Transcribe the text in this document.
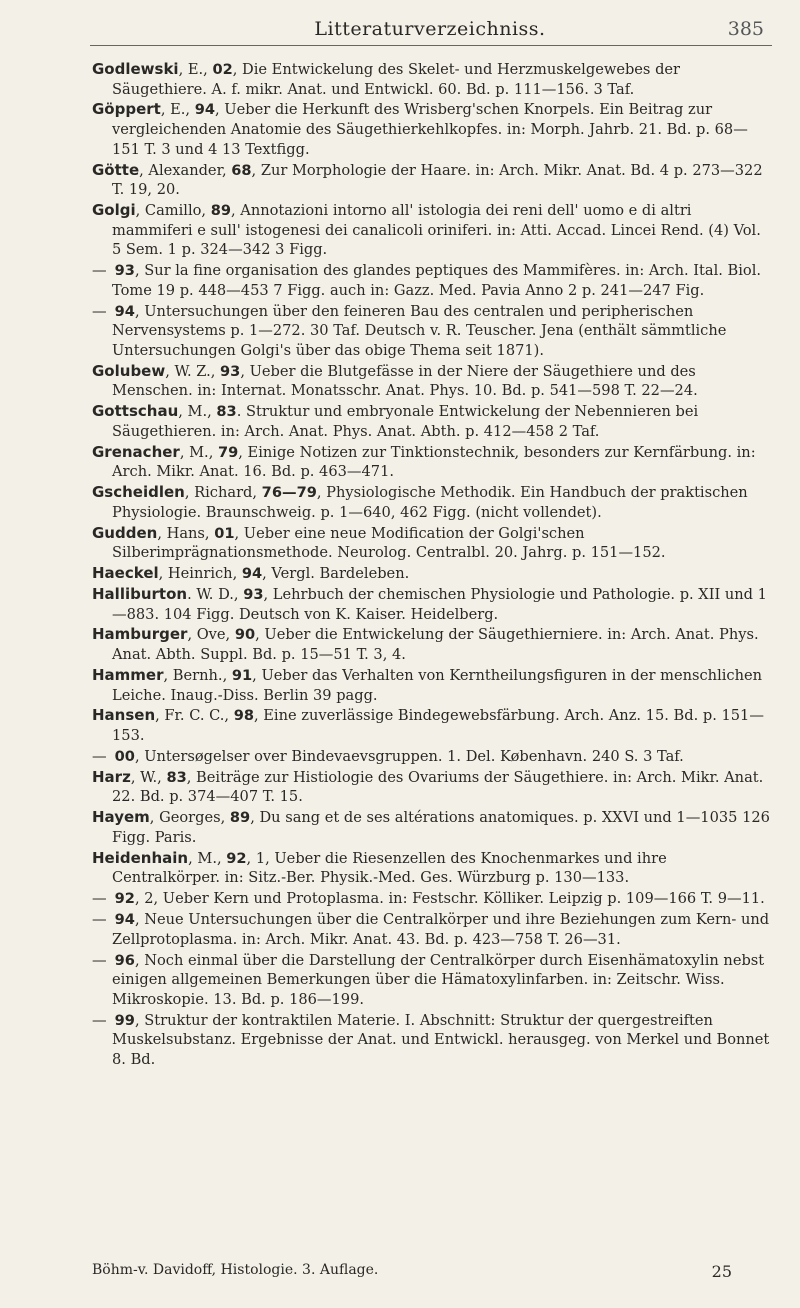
Litteraturverzeichniss.	385
Godlewski, E., 02, Die Entwickelung des Skelet- und Herzmuskelgewebes der Säugethiere. A. f. mikr. Anat. und Entwickl. 60. Bd. p. 111—156. 3 Taf.
Göppert, E., 94, Ueber die Herkunft des Wrisberg'schen Knorpels. Ein Beitrag zur vergleichenden Anatomie des Säugethierkehlkopfes. in: Morph. Jahrb. 21. Bd. p. 68—151 T. 3 und 4 13 Textfigg.
Götte, Alexander, 68, Zur Morphologie der Haare. in: Arch. Mikr. Anat. Bd. 4 p. 273—322 T. 19, 20.
Golgi, Camillo, 89, Annotazioni intorno all' istologia dei reni dell' uomo e di altri mammiferi e sull' istogenesi dei canalicoli oriniferi. in: Atti. Accad. Lincei Rend. (4) Vol. 5 Sem. 1 p. 324—342 3 Figg.
— 93, Sur la fine organisation des glandes peptiques des Mammifères. in: Arch. Ital. Biol. Tome 19 p. 448—453 7 Figg. auch in: Gazz. Med. Pavia Anno 2 p. 241—247 Fig.
— 94, Untersuchungen über den feineren Bau des centralen und peripherischen Nervensystems p. 1—272. 30 Taf. Deutsch v. R. Teuscher. Jena (enthält sämmtliche Untersuchungen Golgi's über das obige Thema seit 1871).
Golubew, W. Z., 93, Ueber die Blutgefässe in der Niere der Säugethiere und des Menschen. in: Internat. Monatsschr. Anat. Phys. 10. Bd. p. 541—598 T. 22—24.
Gottschau, M., 83. Struktur und embryonale Entwickelung der Nebennieren bei Säugethieren. in: Arch. Anat. Phys. Anat. Abth. p. 412—458 2 Taf.
Grenacher, M., 79, Einige Notizen zur Tinktionstechnik, besonders zur Kernfärbung. in: Arch. Mikr. Anat. 16. Bd. p. 463—471.
Gscheidlen, Richard, 76—79, Physiologische Methodik. Ein Handbuch der praktischen Physiologie. Braunschweig. p. 1—640, 462 Figg. (nicht vollendet).
Gudden, Hans, 01, Ueber eine neue Modification der Golgi'schen Silberimprägnationsmethode. Neurolog. Centralbl. 20. Jahrg. p. 151—152.
Haeckel, Heinrich, 94, Vergl. Bardeleben.
Halliburton. W. D., 93, Lehrbuch der chemischen Physiologie und Pathologie. p. XII und 1—883. 104 Figg. Deutsch von K. Kaiser. Heidelberg.
Hamburger, Ove, 90, Ueber die Entwickelung der Säugethierniere. in: Arch. Anat. Phys. Anat. Abth. Suppl. Bd. p. 15—51 T. 3, 4.
Hammer, Bernh., 91, Ueber das Verhalten von Kerntheilungsfiguren in der menschlichen Leiche. Inaug.-Diss. Berlin 39 pagg.
Hansen, Fr. C. C., 98, Eine zuverlässige Bindegewebsfärbung. Arch. Anz. 15. Bd. p. 151—153.
— 00, Untersøgelser over Bindevaevsgruppen. 1. Del. København. 240 S. 3 Taf.
Harz, W., 83, Beiträge zur Histiologie des Ovariums der Säugethiere. in: Arch. Mikr. Anat. 22. Bd. p. 374—407 T. 15.
Hayem, Georges, 89, Du sang et de ses altérations anatomiques. p. XXVI und 1—1035 126 Figg. Paris.
Heidenhain, M., 92, 1, Ueber die Riesenzellen des Knochenmarkes und ihre Centralkörper. in: Sitz.-Ber. Physik.-Med. Ges. Würzburg p. 130—133.
— 92, 2, Ueber Kern und Protoplasma. in: Festschr. Kölliker. Leipzig p. 109—166 T. 9—11.
— 94, Neue Untersuchungen über die Centralkörper und ihre Beziehungen zum Kern- und Zellprotoplasma. in: Arch. Mikr. Anat. 43. Bd. p. 423—758 T. 26—31.
— 96, Noch einmal über die Darstellung der Centralkörper durch Eisenhämatoxylin nebst einigen allgemeinen Bemerkungen über die Hämatoxylinfarben. in: Zeitschr. Wiss. Mikroskopie. 13. Bd. p. 186—199.
— 99, Struktur der kontraktilen Materie. I. Abschnitt: Struktur der quergestreiften Muskelsubstanz. Ergebnisse der Anat. und Entwickl. herausgeg. von Merkel und Bonnet 8. Bd.
Böhm-v. Davidoff, Histologie. 3. Auflage.	25
